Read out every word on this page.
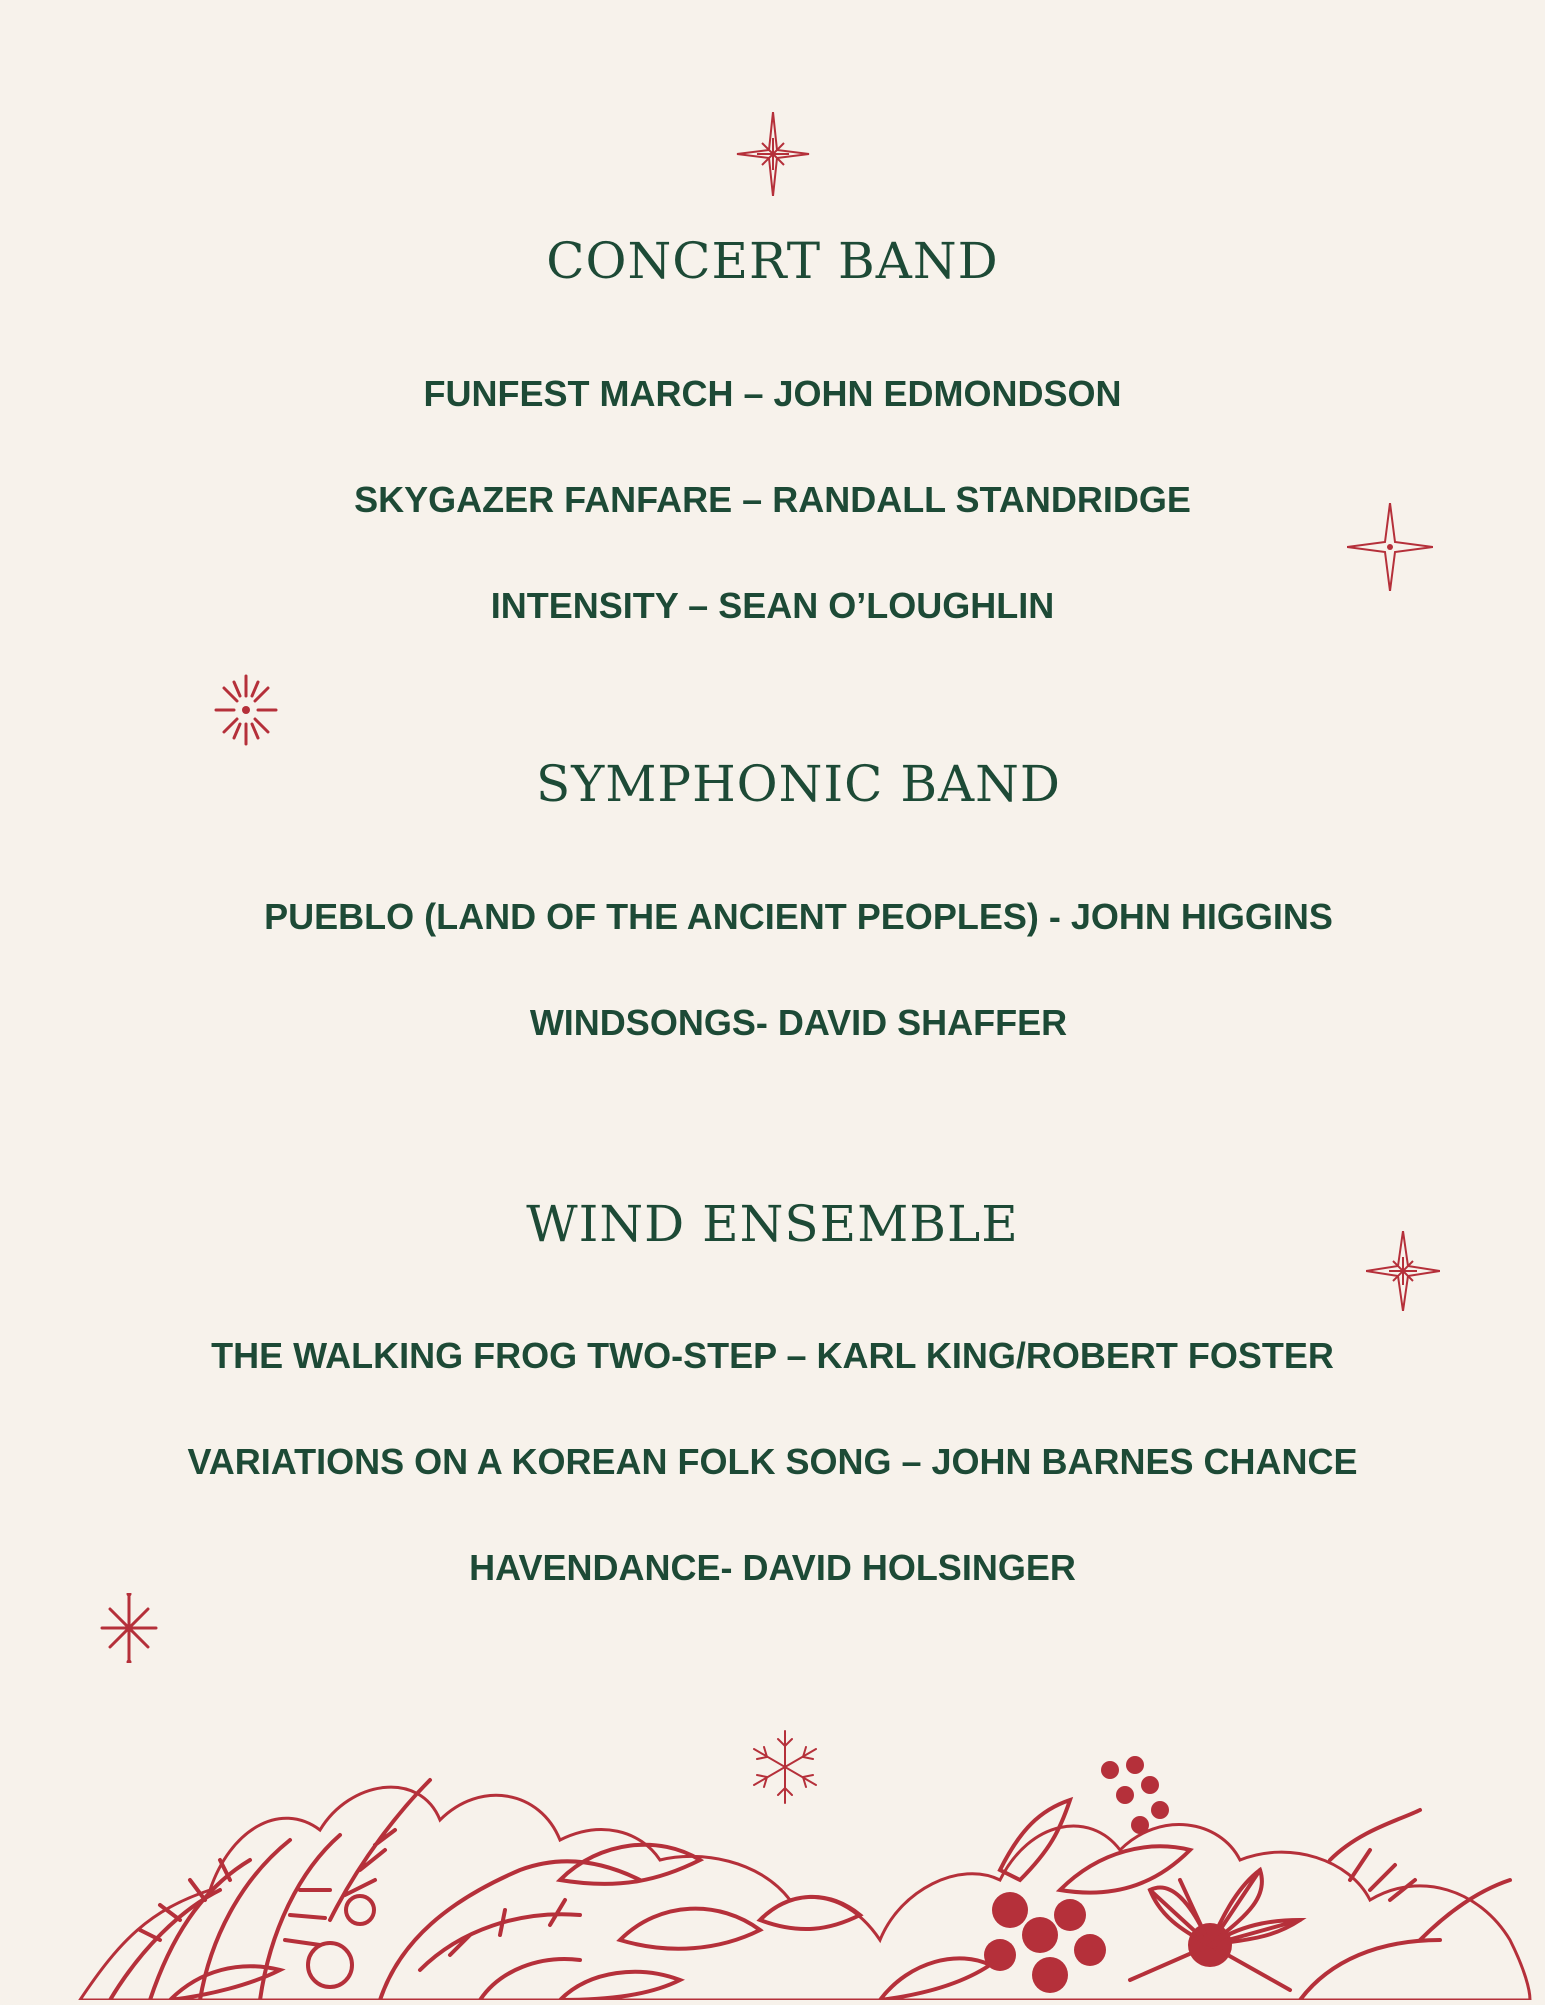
CONCERT BAND

FUNFEST MARCH – JOHN EDMONDSON

SKYGAZER FANFARE – RANDALL STANDRIDGE

INTENSITY – SEAN O’LOUGHLIN

SYMPHONIC BAND

PUEBLO (LAND OF THE ANCIENT PEOPLES) - JOHN HIGGINS

WINDSONGS- DAVID SHAFFER

WIND ENSEMBLE

THE WALKING FROG TWO-STEP – KARL KING/ROBERT FOSTER

VARIATIONS ON A KOREAN FOLK SONG – JOHN BARNES CHANCE

HAVENDANCE- DAVID HOLSINGER
